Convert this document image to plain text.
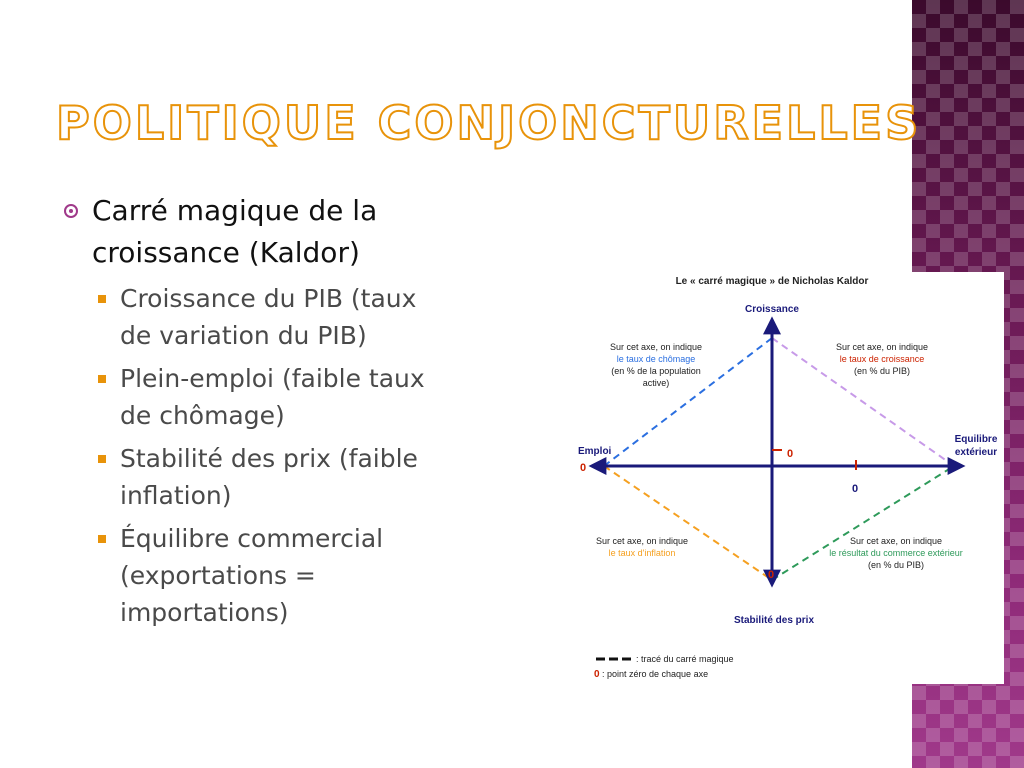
POLITIQUE CONJONCTURELLES
Carré magique de la croissance (Kaldor)
Croissance du PIB (taux de variation du PIB)
Plein-emploi (faible taux de chômage)
Stabilité des prix (faible inflation)
Équilibre commercial (exportations = importations)
Le « carré magique » de Nicholas Kaldor
Croissance
Stabilité des prix
Emploi
Equilibre
extérieur
0
0
0
0
Sur cet axe, on indique
le taux de chômage
(en % de la population
active)
Sur cet axe, on indique
le taux de croissance
(en % du PIB)
Sur cet axe, on indique
le taux d'inflation
Sur cet axe, on indique
le résultat du commerce extérieur
(en % du PIB)
: tracé du carré magique
0 : point zéro de chaque axe
